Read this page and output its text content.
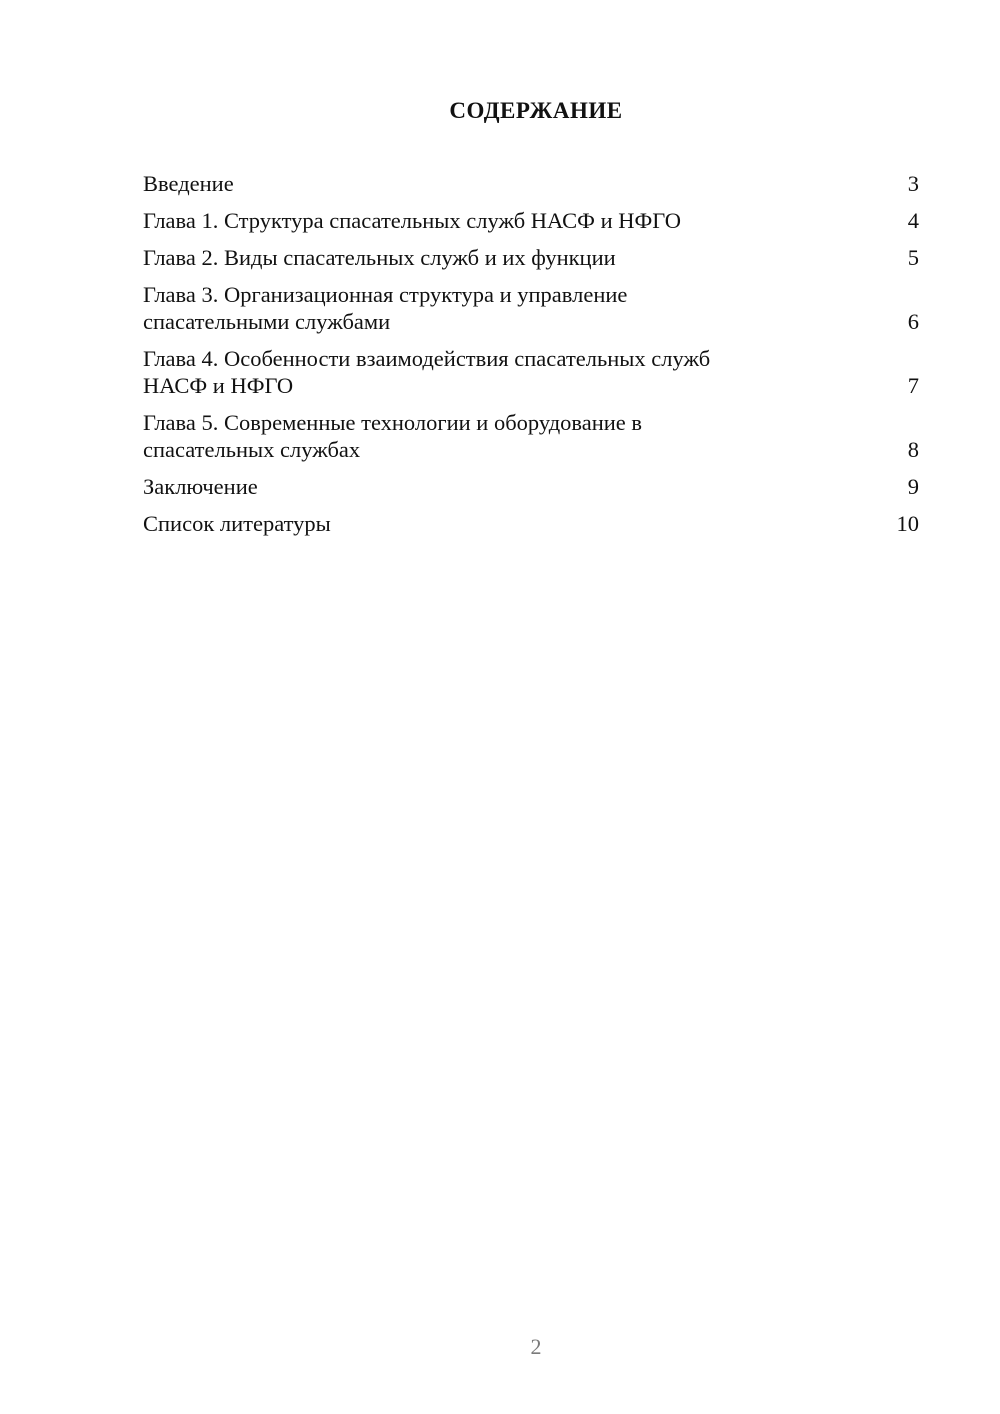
СОДЕРЖАНИЕ
Введение	3
Глава 1. Структура спасательных служб НАСФ и НФГО	4
Глава 2. Виды спасательных служб и их функции	5
Глава 3. Организационная структура и управление
спасательными службами	6
Глава 4. Особенности взаимодействия спасательных служб
НАСФ и НФГО	7
Глава 5. Современные технологии и оборудование в
спасательных службах	8
Заключение	9
Список литературы	10
2
